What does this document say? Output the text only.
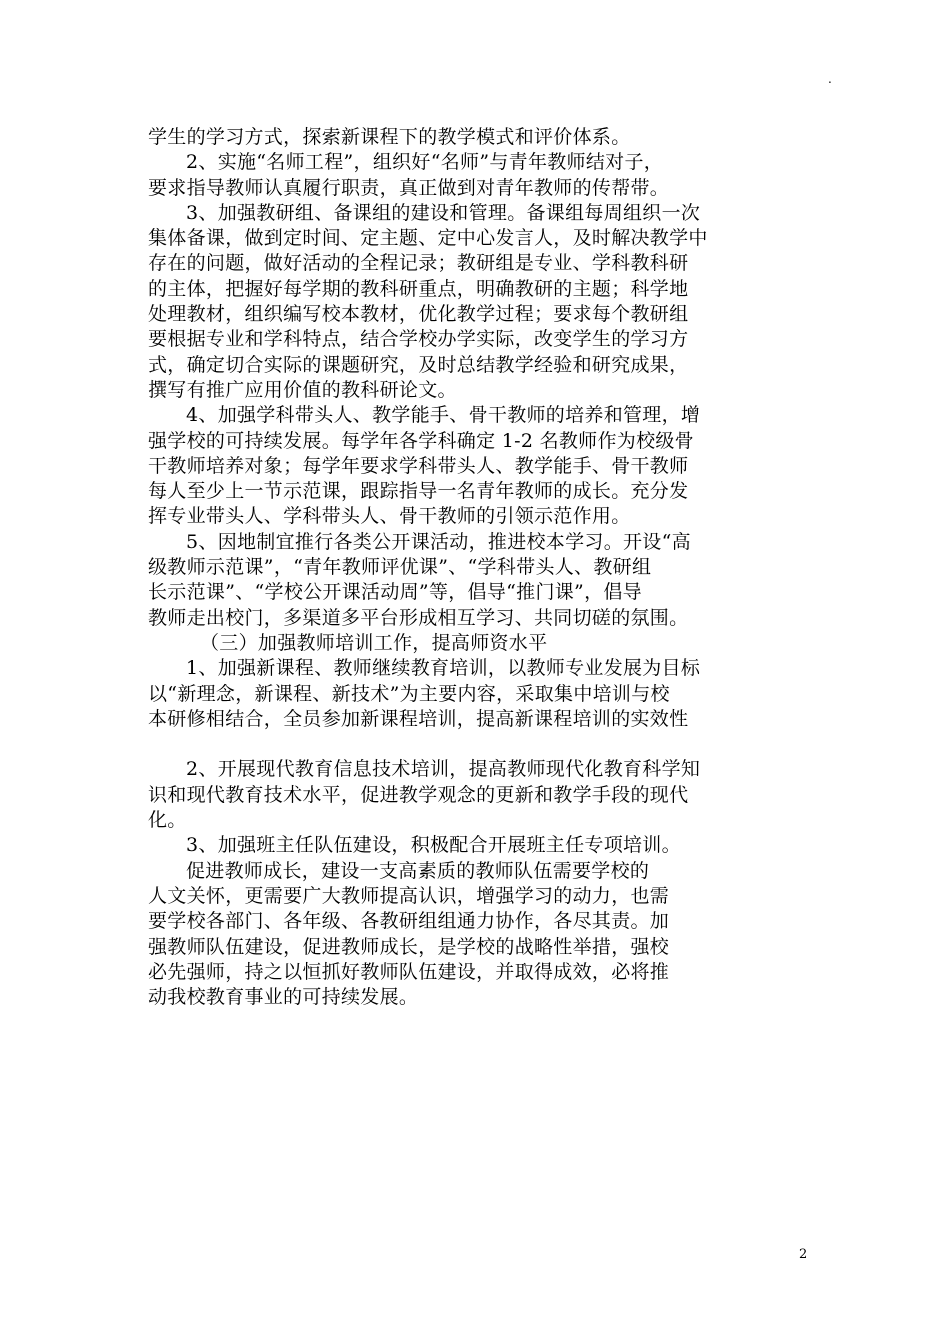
.
学生的学习方式，探索新课程下的教学模式和评价体系。
2、实施“名师工程”，组织好“名师”与青年教师结对子，
要求指导教师认真履行职责，真正做到对青年教师的传帮带。
3、加强教研组、备课组的建设和管理。备课组每周组织一次
集体备课，做到定时间、定主题、定中心发言人，及时解决教学中
存在的问题，做好活动的全程记录；教研组是专业、学科教科研
的主体，把握好每学期的教科研重点，明确教研的主题；科学地
处理教材，组织编写校本教材，优化教学过程；要求每个教研组
要根据专业和学科特点，结合学校办学实际，改变学生的学习方
式，确定切合实际的课题研究，及时总结教学经验和研究成果，
撰写有推广应用价值的教科研论文。
4、加强学科带头人、教学能手、骨干教师的培养和管理，增
强学校的可持续发展。每学年各学科确定 1-2 名教师作为校级骨
干教师培养对象；每学年要求学科带头人、教学能手、骨干教师
每人至少上一节示范课，跟踪指导一名青年教师的成长。充分发
挥专业带头人、学科带头人、骨干教师的引领示范作用。
5、因地制宜推行各类公开课活动，推进校本学习。开设“高
级教师示范课”，“青年教师评优课”、“学科带头人、教研组
长示范课”、“学校公开课活动周”等，倡导“推门课”，倡导
教师走出校门，多渠道多平台形成相互学习、共同切磋的氛围。
（三）加强教师培训工作，提高师资水平
1、加强新课程、教师继续教育培训，以教师专业发展为目标
以“新理念，新课程、新技术”为主要内容，采取集中培训与校
本研修相结合，全员参加新课程培训，提高新课程培训的实效性
2、开展现代教育信息技术培训，提高教师现代化教育科学知
识和现代教育技术水平，促进教学观念的更新和教学手段的现代
化。
3、加强班主任队伍建设，积极配合开展班主任专项培训。
促进教师成长，建设一支高素质的教师队伍需要学校的
人文关怀，更需要广大教师提高认识，增强学习的动力，也需
要学校各部门、各年级、各教研组组通力协作，各尽其责。加
强教师队伍建设，促进教师成长，是学校的战略性举措，强校
必先强师，持之以恒抓好教师队伍建设，并取得成效，必将推
动我校教育事业的可持续发展。
2
